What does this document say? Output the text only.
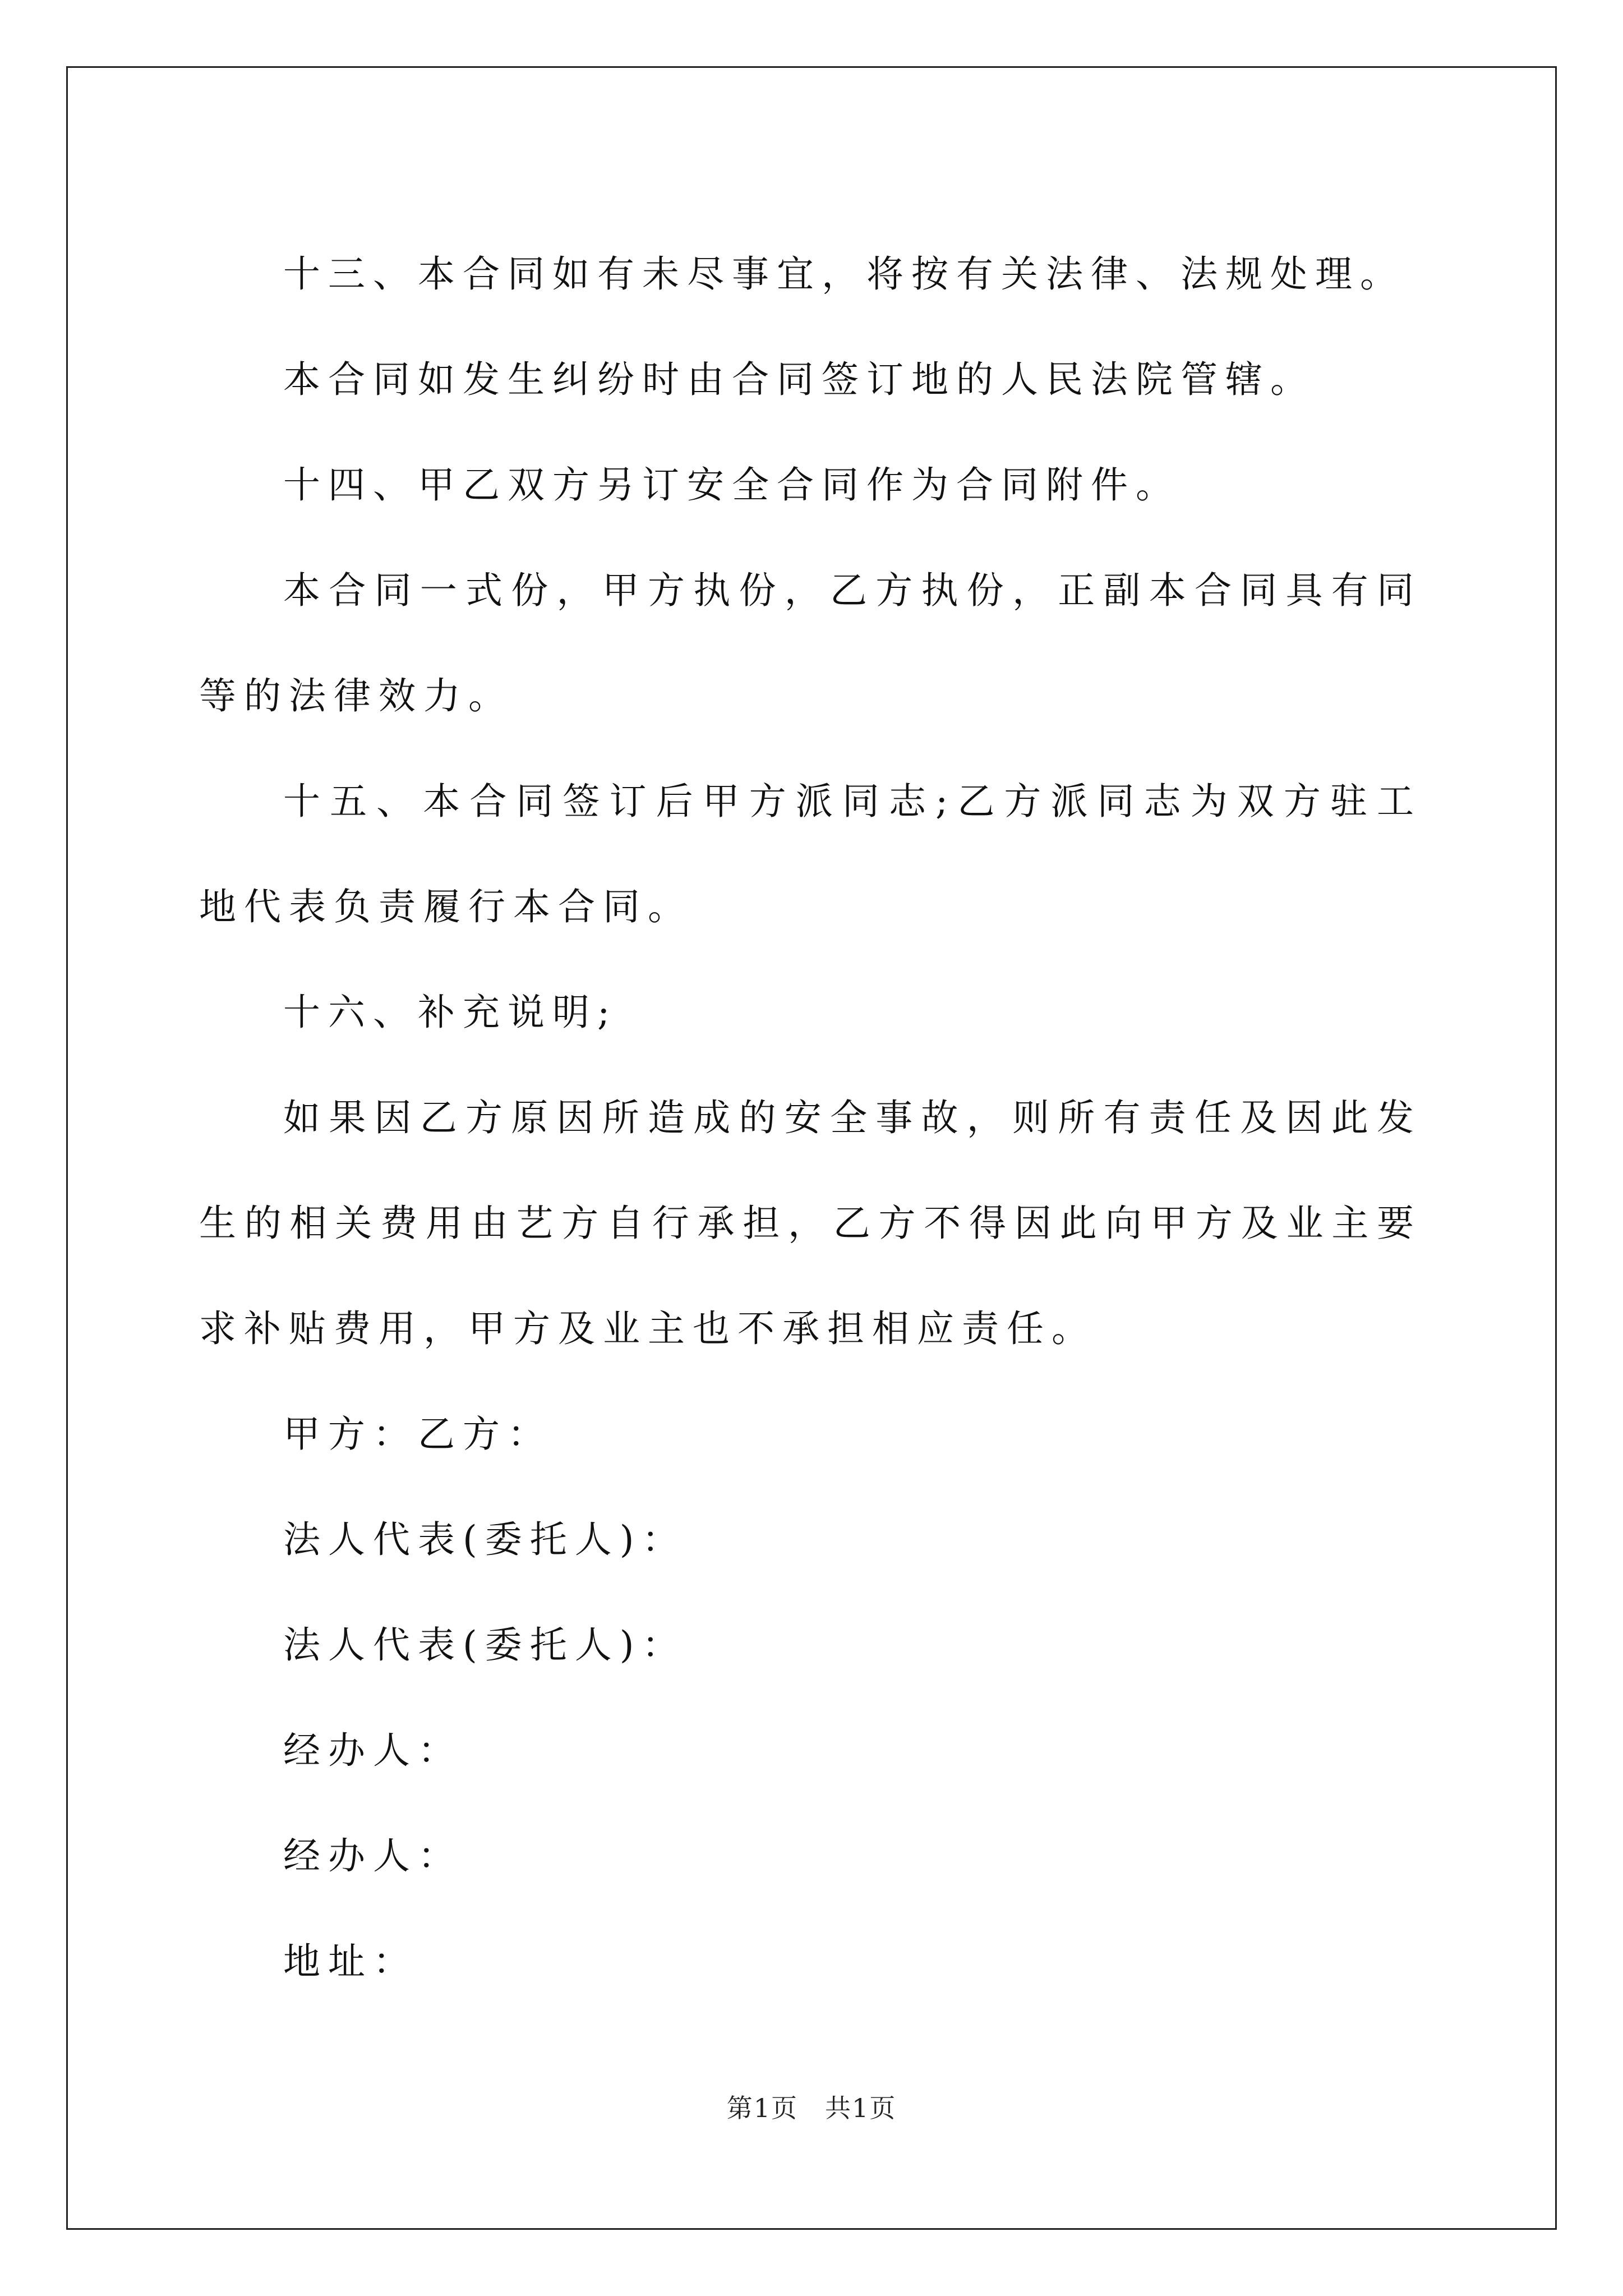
十三、本合同如有未尽事宜，将按有关法律、法规处理。

本合同如发生纠纷时由合同签订地的人民法院管辖。

十四、甲乙双方另订安全合同作为合同附件。

本合同一式份，甲方执份，乙方执份，正副本合同具有同等的法律效力。

十五、本合同签订后甲方派同志;乙方派同志为双方驻工地代表负责履行本合同。

十六、补充说明;

如果因乙方原因所造成的安全事故，则所有责任及因此发生的相关费用由艺方自行承担，乙方不得因此向甲方及业主要求补贴费用，甲方及业主也不承担相应责任。

甲方：乙方：

法人代表(委托人)：

法人代表(委托人)：

经办人：

经办人：

地址：

第1页　共1页
